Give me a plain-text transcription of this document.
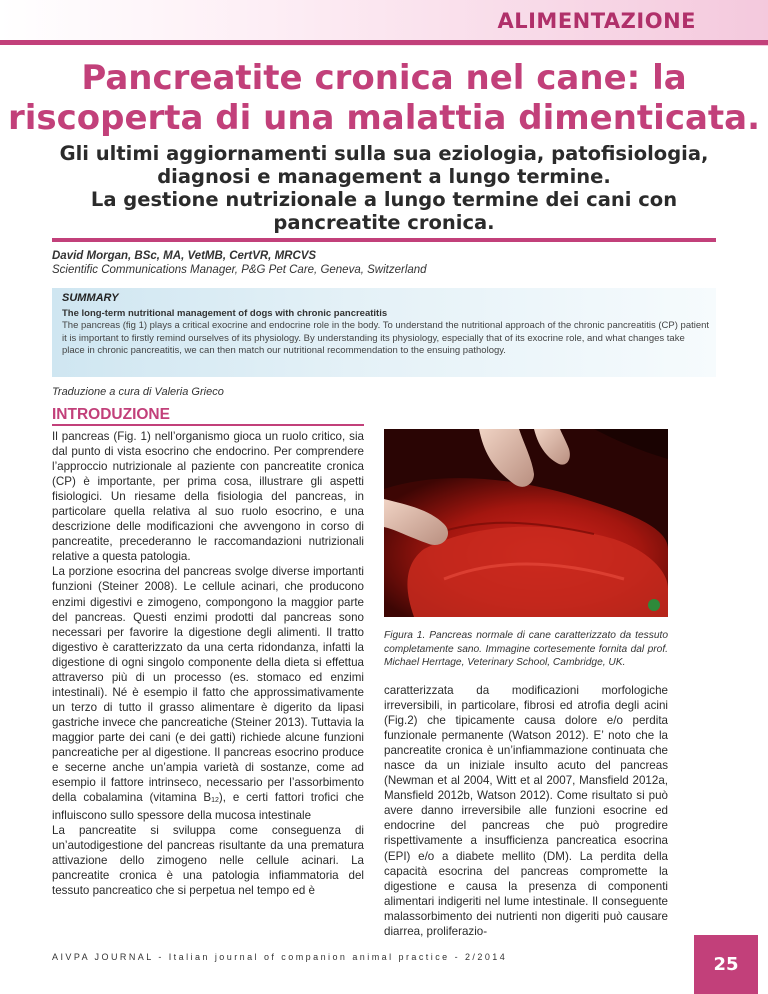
ALIMENTAZIONE
Pancreatite cronica nel cane: la riscoperta di una malattia dimenticata.
Gli ultimi aggiornamenti sulla sua eziologia, patofisiologia, diagnosi e management a lungo termine.
La gestione nutrizionale a lungo termine dei cani con pancreatite cronica.
David Morgan, BSc, MA, VetMB, CertVR, MRCVS
Scientific Communications Manager, P&G Pet Care, Geneva, Switzerland
SUMMARY
The long-term nutritional management of dogs with chronic pancreatitis
The pancreas (fig 1) plays a critical exocrine and endocrine role in the body. To understand the nutritional approach of the chronic pancreatitis (CP) patient it is important to firstly remind ourselves of its physiology. By understanding its physiology, especially that of its exocrine role, and what changes take place in chronic pancreatitis, we can then match our nutritional recommendation to the ensuing pathology.
Traduzione a cura di Valeria Grieco
INTRODUZIONE

Il pancreas (Fig. 1) nell’organismo gioca un ruolo critico, sia dal punto di vista esocrino che endocrino. Per comprendere l’approccio nutrizionale al paziente con pancreatite cronica (CP) è importante, per prima cosa, illustrare gli aspetti fisiologici. Un riesame della fisiologia del pancreas, in particolare quella relativa al suo ruolo esocrino, e una descrizione delle modificazioni che avvengono in corso di pancreatite, precederanno le raccomandazioni nutrizionali relative a questa patologia.

La porzione esocrina del pancreas svolge diverse importanti funzioni (Steiner 2008). Le cellule acinari, che producono enzimi digestivi e zimogeno, compongono la maggior parte del pancreas. Questi enzimi prodotti dal pancreas sono necessari per favorire la digestione degli alimenti. Il tratto digestivo è caratterizzato da una certa ridondanza, infatti la digestione di ogni singolo componente della dieta si effettua attraverso più di un processo (es. stomaco ed enzimi intestinali). Né è esempio il fatto che approssimativamente un terzo di tutto il grasso alimentare è digerito da lipasi gastriche invece che pancreatiche (Steiner 2013). Tuttavia la maggior parte dei cani (e dei gatti) richiede alcune funzioni pancreatiche per al digestione. Il pancreas esocrino produce e secerne anche un’ampia varietà di sostanze, come ad esempio il fattore intrinseco, necessario per l’assorbimento della cobalamina (vitamina B12), e certi fattori trofici che influiscono sullo spessore della mucosa intestinale

La pancreatite si sviluppa come conseguenza di un’autodigestione del pancreas risultante da una prematura attivazione dello zimogeno nelle cellule acinari. La pancreatite cronica è una patologia infiammatoria del tessuto pancreatico che si perpetua nel tempo ed è

Figura 1. Pancreas normale di cane caratterizzato da tessuto completamente sano. Immagine cortesemente fornita dal prof. Michael Herrtage, Veterinary School, Cambridge, UK.

caratterizzata da modificazioni morfologiche irreversibili, in particolare, fibrosi ed atrofia degli acini (Fig.2) che tipicamente causa dolore e/o perdita funzionale permanente (Watson 2012). E’ noto che la pancreatite cronica è un’infiammazione continuata che nasce da un iniziale insulto acuto del pancreas (Newman et al 2004, Witt et al 2007, Mansfield 2012a, Mansfield 2012b, Watson 2012). Come risultato si può avere danno irreversibile alle funzioni esocrine ed endocrine del pancreas che può progredire rispettivamente a insufficienza pancreatica esocrina (EPI) e/o a diabete mellito (DM). La perdita della capacità esocrina del pancreas compromette la digestione e causa la presenza di componenti alimentari indigeriti nel lume intestinale. Il conseguente malassorbimento dei nutrienti non digeriti può causare diarrea, proliferazio-

AIVPA JOURNAL - Italian journal of companion animal practice - 2/2014	25
